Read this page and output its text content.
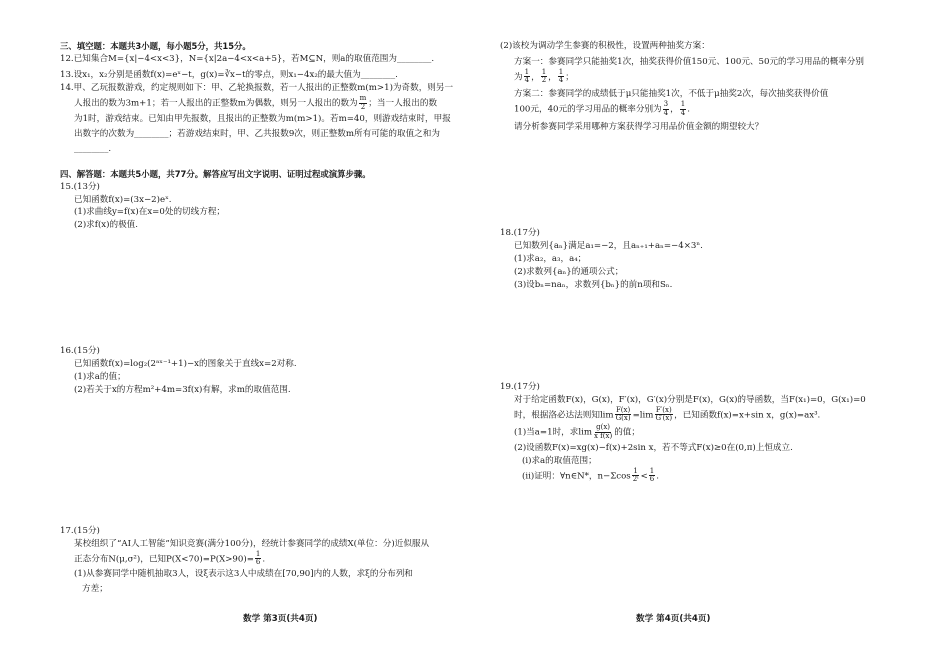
三、填空题：本题共3小题，每小题5分，共15分。
12.已知集合M={x|−4<x<3}，N={x|2a−4<x<a+5}，若M⊆N，则a的取值范围为________.
13.设x₁，x₂分别是函数f(x)=eˣ−t，g(x)=∛x−t的零点，则x₁−4x₂的最大值为________.
14.甲、乙玩报数游戏，约定规则如下：甲、乙轮换报数，若一人报出的正整数m(m>1)为奇数，则另一
人报出的数为3m+1；若一人报出的正整数m为偶数，则另一人报出的数为 $\frac{m}{2}$ ；当一人报出的数
为1时，游戏结束。已知由甲先报数，且报出的正整数为m(m>1)。若m=40，则游戏结束时，甲报
出数字的次数为________；若游戏结束时，甲、乙共报数9次，则正整数m所有可能的取值之和为
________.
四、解答题：本题共5小题，共77分。解答应写出文字说明、证明过程或演算步骤。
15.(13分)
已知函数f(x)=(3x−2)eˣ.
(1)求曲线y=f(x)在x=0处的切线方程；
(2)求f(x)的极值.
16.(15分)
已知函数f(x)=log₂(2ᵃˣ⁻¹+1)−x的图象关于直线x=2对称.
(1)求a的值；
(2)若关于x的方程m²+4m=3f(x)有解，求m的取值范围.
17.(15分)
某校组织了“AI人工智能”知识竞赛(满分100分)，经统计参赛同学的成绩X(单位：分)近似服从
正态分布N(μ,σ²)，已知$P(X<70)=P(X>90)= \frac{1}{6}$ .
(1)从参赛同学中随机抽取3人，设ξ表示这3人中成绩在[70,90]内的人数，求ξ的分布列和
方差；
数学 第3页(共4页)
(2)该校为调动学生参赛的积极性，设置两种抽奖方案：
方案一：参赛同学只能抽奖1次，抽奖获得价值150元、100元、50元的学习用品的概率分别
为 $\frac{1}{4}$ ， $\frac{1}{2}$ ， $\frac{1}{4}$ ；
方案二：参赛同学的成绩低于μ只能抽奖1次，不低于μ抽奖2次，每次抽奖获得价值
100元，40元的学习用品的概率分别为 $\frac{3}{4}$ ， $\frac{1}{4}$ .
请分析参赛同学采用哪种方案获得学习用品价值金额的期望较大？
18.(17分)
已知数列{aₙ}满足a₁=−2，且aₙ₊₁+aₙ=−4×3ⁿ.
(1)求a₂，a₃，a₄；
(2)求数列{aₙ}的通项公式；
(3)设bₙ=naₙ，求数列{bₙ}的前n项和Sₙ.
19.(17分)
对于给定函数F(x)，G(x)，F′(x)，G′(x)分别是F(x)，G(x)的导函数，当F(x₁)=0，G(x₁)=0
时，根据洛必达法则知$\lim \frac{F(x)}{G(x)} =\lim \frac{F'(x)}{G'(x)}$ ，已知函数f(x)=x+sin x，g(x)=ax³.
(1)当a=1时，求$\lim \frac{g(x)}{\text{x f(x)}}$ 的值；
(2)设函数F(x)=xg(x)−f(x)+2sin x，若不等式F(x)≥0在(0,π)上恒成立.
(i)求a的取值范围；
(ii)证明：∀n∈N*，$n-\Sigma\cos \frac{1}{\text{2ⁱ}} < \frac{1}{6}$ .
数学 第4页(共4页)
